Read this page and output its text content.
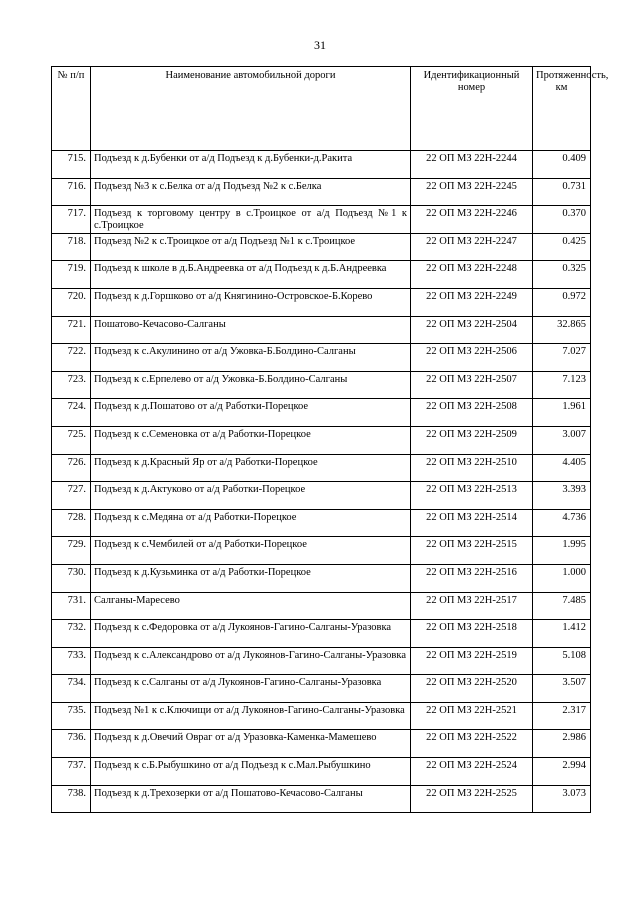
31
№ п/п	Наименование автомобильной дороги	Идентификационный номер	Протяженность, км
715.	Подъезд к д.Бубенки от а/д Подъезд к д.Бубенки-д.Ракита	22 ОП МЗ 22Н-2244	0.409
716.	Подъезд №3 к с.Белка от а/д Подъезд №2 к с.Белка	22 ОП МЗ 22Н-2245	0.731
717.	Подъезд к торговому центру в с.Троицкое от а/д Подъезд №1 к с.Троицкое	22 ОП МЗ 22Н-2246	0.370
718.	Подъезд №2 к с.Троицкое от а/д Подъезд №1 к с.Троицкое	22 ОП МЗ 22Н-2247	0.425
719.	Подъезд к школе в д.Б.Андреевка от а/д Подъезд к д.Б.Андреевка	22 ОП МЗ 22Н-2248	0.325
720.	Подъезд к д.Горшково от а/д Княгинино-Островское-Б.Корево	22 ОП МЗ 22Н-2249	0.972
721.	Пошатово-Кечасово-Салганы	22 ОП МЗ 22Н-2504	32.865
722.	Подъезд к с.Акулинино от а/д Ужовка-Б.Болдино-Салганы	22 ОП МЗ 22Н-2506	7.027
723.	Подъезд к с.Ерпелево от а/д Ужовка-Б.Болдино-Салганы	22 ОП МЗ 22Н-2507	7.123
724.	Подъезд к д.Пошатово от а/д Работки-Порецкое	22 ОП МЗ 22Н-2508	1.961
725.	Подъезд к с.Семеновка от а/д Работки-Порецкое	22 ОП МЗ 22Н-2509	3.007
726.	Подъезд к д.Красный Яр от а/д Работки-Порецкое	22 ОП МЗ 22Н-2510	4.405
727.	Подъезд к д.Актуково от а/д Работки-Порецкое	22 ОП МЗ 22Н-2513	3.393
728.	Подъезд к с.Медяна от а/д Работки-Порецкое	22 ОП МЗ 22Н-2514	4.736
729.	Подъезд к с.Чембилей от а/д Работки-Порецкое	22 ОП МЗ 22Н-2515	1.995
730.	Подъезд к д.Кузьминка от а/д Работки-Порецкое	22 ОП МЗ 22Н-2516	1.000
731.	Салганы-Маресево	22 ОП МЗ 22Н-2517	7.485
732.	Подъезд к с.Федоровка от а/д Лукоянов-Гагино-Салганы-Уразовка	22 ОП МЗ 22Н-2518	1.412
733.	Подъезд к с.Александрово от а/д Лукоянов-Гагино-Салганы-Уразовка	22 ОП МЗ 22Н-2519	5.108
734.	Подъезд к с.Салганы от а/д Лукоянов-Гагино-Салганы-Уразовка	22 ОП МЗ 22Н-2520	3.507
735.	Подъезд №1 к с.Ключищи от а/д Лукоянов-Гагино-Салганы-Уразовка	22 ОП МЗ 22Н-2521	2.317
736.	Подъезд к д.Овечий Овраг от а/д Уразовка-Каменка-Мамешево	22 ОП МЗ 22Н-2522	2.986
737.	Подъезд к с.Б.Рыбушкино от а/д Подъезд к с.Мал.Рыбушкино	22 ОП МЗ 22Н-2524	2.994
738.	Подъезд к д.Трехозерки от а/д Пошатово-Кечасово-Салганы	22 ОП МЗ 22Н-2525	3.073
